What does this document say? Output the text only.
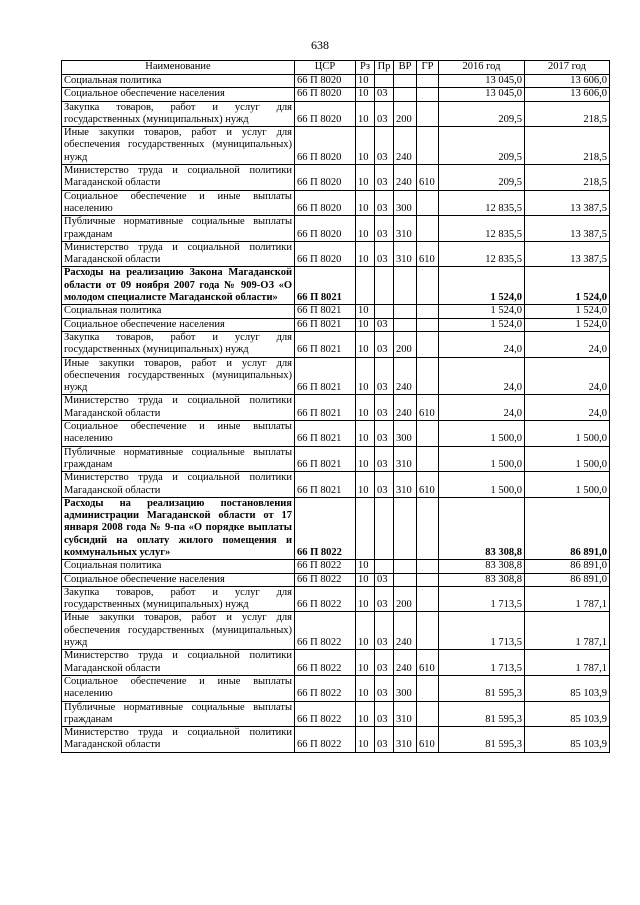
638
Наименование	ЦСР	Рз	Пр	ВР	ГР	2016 год	2017 год
Социальная политика	66 П 8020	10				13 045,0	13 606,0
Социальное обеспечение населения	66 П 8020	10	03			13 045,0	13 606,0
Закупка товаров, работ и услуг для государственных (муниципальных) нужд	66 П 8020	10	03	200		209,5	218,5
Иные закупки товаров, работ и услуг для обеспечения государственных (муниципальных) нужд	66 П 8020	10	03	240		209,5	218,5
Министерство труда и социальной политики Магаданской области	66 П 8020	10	03	240	610	209,5	218,5
Социальное обеспечение и иные выплаты населению	66 П 8020	10	03	300		12 835,5	13 387,5
Публичные нормативные социальные выплаты гражданам	66 П 8020	10	03	310		12 835,5	13 387,5
Министерство труда и социальной политики Магаданской области	66 П 8020	10	03	310	610	12 835,5	13 387,5
Расходы на реализацию Закона Магаданской области от 09 ноября 2007 года № 909-ОЗ «О молодом специалисте Магаданской области»	66 П 8021					1 524,0	1 524,0
Социальная политика	66 П 8021	10				1 524,0	1 524,0
Социальное обеспечение населения	66 П 8021	10	03			1 524,0	1 524,0
Закупка товаров, работ и услуг для государственных (муниципальных) нужд	66 П 8021	10	03	200		24,0	24,0
Иные закупки товаров, работ и услуг для обеспечения государственных (муниципальных) нужд	66 П 8021	10	03	240		24,0	24,0
Министерство труда и социальной политики Магаданской области	66 П 8021	10	03	240	610	24,0	24,0
Социальное обеспечение и иные выплаты населению	66 П 8021	10	03	300		1 500,0	1 500,0
Публичные нормативные социальные выплаты гражданам	66 П 8021	10	03	310		1 500,0	1 500,0
Министерство труда и социальной политики Магаданской области	66 П 8021	10	03	310	610	1 500,0	1 500,0
Расходы на реализацию постановления администрации Магаданской области от 17 января 2008 года № 9-па «О порядке выплаты субсидий на оплату жилого помещения и коммунальных услуг»	66 П 8022					83 308,8	86 891,0
Социальная политика	66 П 8022	10				83 308,8	86 891,0
Социальное обеспечение населения	66 П 8022	10	03			83 308,8	86 891,0
Закупка товаров, работ и услуг для государственных (муниципальных) нужд	66 П 8022	10	03	200		1 713,5	1 787,1
Иные закупки товаров, работ и услуг для обеспечения государственных (муниципальных) нужд	66 П 8022	10	03	240		1 713,5	1 787,1
Министерство труда и социальной политики Магаданской области	66 П 8022	10	03	240	610	1 713,5	1 787,1
Социальное обеспечение и иные выплаты населению	66 П 8022	10	03	300		81 595,3	85 103,9
Публичные нормативные социальные выплаты гражданам	66 П 8022	10	03	310		81 595,3	85 103,9
Министерство труда и социальной политики Магаданской области	66 П 8022	10	03	310	610	81 595,3	85 103,9
